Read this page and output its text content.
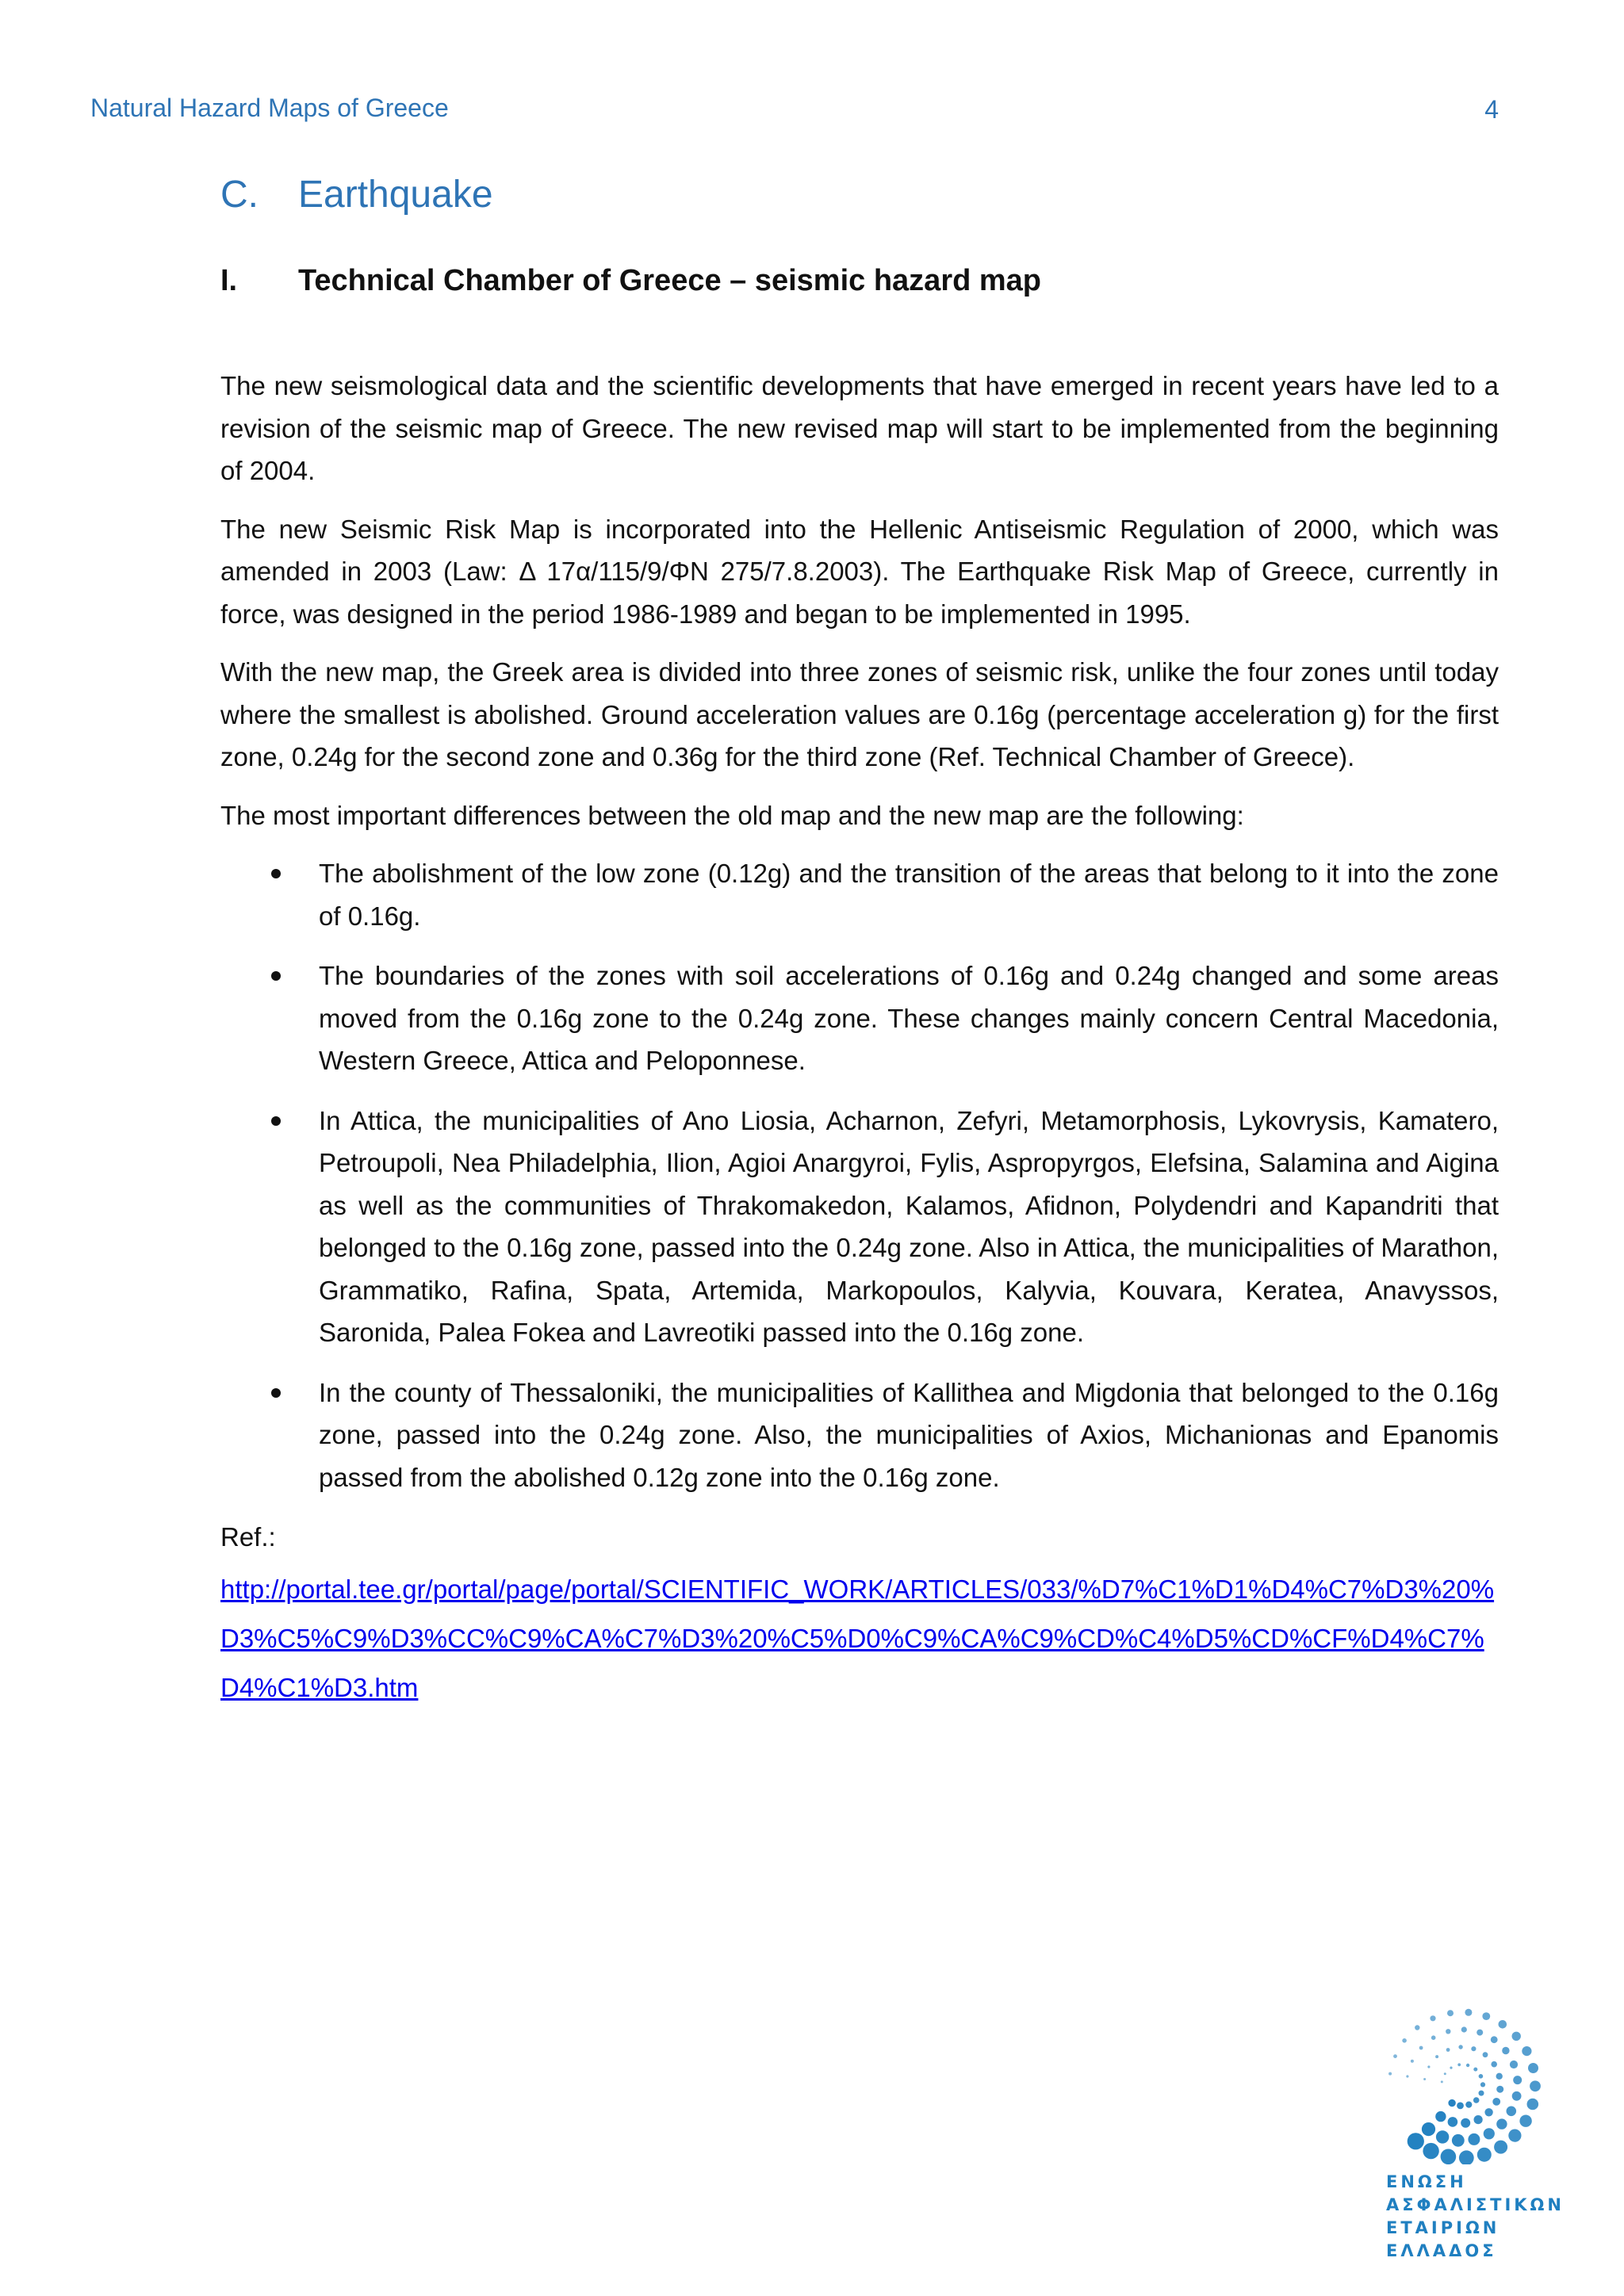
Natural Hazard Maps of Greece	4
C.	Earthquake
I.	Technical Chamber of Greece – seismic hazard map

The new seismological data and the scientific developments that have emerged in recent years have led to a revision of the seismic map of Greece. The new revised map will start to be implemented from the beginning of 2004.

The new Seismic Risk Map is incorporated into the Hellenic Antiseismic Regulation of 2000, which was amended in 2003 (Law: Δ 17α/115/9/ΦΝ 275/7.8.2003). The Earthquake Risk Map of Greece, currently in force, was designed in the period 1986-1989 and began to be implemented in 1995.

With the new map, the Greek area is divided into three zones of seismic risk, unlike the four zones until today where the smallest is abolished. Ground acceleration values are 0.16g (percentage acceleration g) for the first zone, 0.24g for the second zone and 0.36g for the third zone (Ref. Technical Chamber of Greece).

The most important differences between the old map and the new map are the following:

The abolishment of the low zone (0.12g) and the transition of the areas that belong to it into the zone of 0.16g.
The boundaries of the zones with soil accelerations of 0.16g and 0.24g changed and some areas moved from the 0.16g zone to the 0.24g zone. These changes mainly concern Central Macedonia, Western Greece, Attica and Peloponnese.
In Attica, the municipalities of Ano Liosia, Acharnon, Zefyri, Metamorphosis, Lykovrysis, Kamatero, Petroupoli, Nea Philadelphia, Ilion, Agioi Anargyroi, Fylis, Aspropyrgos, Elefsina, Salamina and Aigina as well as the communities of Thrakomakedon, Kalamos, Afidnon, Polydendri and Kapandriti that belonged to the 0.16g zone, passed into the 0.24g zone. Also in Attica, the municipalities of Marathon, Grammatiko, Rafina, Spata, Artemida, Markopoulos, Kalyvia, Kouvara, Keratea, Anavyssos, Saronida, Palea Fokea and Lavreotiki passed into the 0.16g zone.
In the county of Thessaloniki, the municipalities of Kallithea and Migdonia that belonged to the 0.16g zone, passed into the 0.24g zone. Also, the municipalities of Axios, Michanionas and Epanomis passed from the abolished 0.12g zone into the 0.16g zone.
Ref.:
http://portal.tee.gr/portal/page/portal/SCIENTIFIC_WORK/ARTICLES/033/%D7%C1%D1%D4%C7%D3%20%D3%C5%C9%D3%CC%C9%CA%C7%D3%20%C5%D0%C9%CA%C9%CD%C4%D5%CD%CF%D4%C7%D4%C1%D3.htm
ΕΝΩΣΗ
ΑΣΦΑΛΙΣΤΙΚΩΝ
ΕΤΑΙΡΙΩΝ
ΕΛΛΑΔΟΣ
